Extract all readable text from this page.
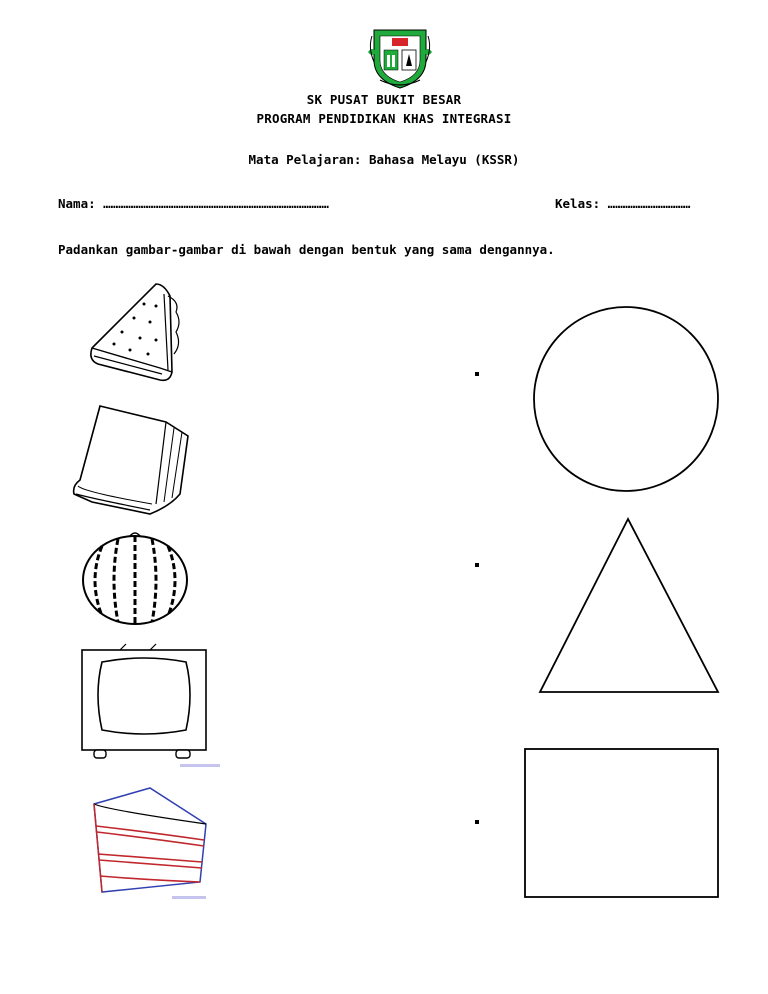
SK PUSAT BUKIT BESAR
PROGRAM PENDIDIKAN KHAS INTEGRASI
Mata Pelajaran: Bahasa Melayu (KSSR)
Nama: ………………………………………………………………………………	Kelas: ……………………………
Padankan gambar-gambar di bawah dengan bentuk yang sama dengannya.
